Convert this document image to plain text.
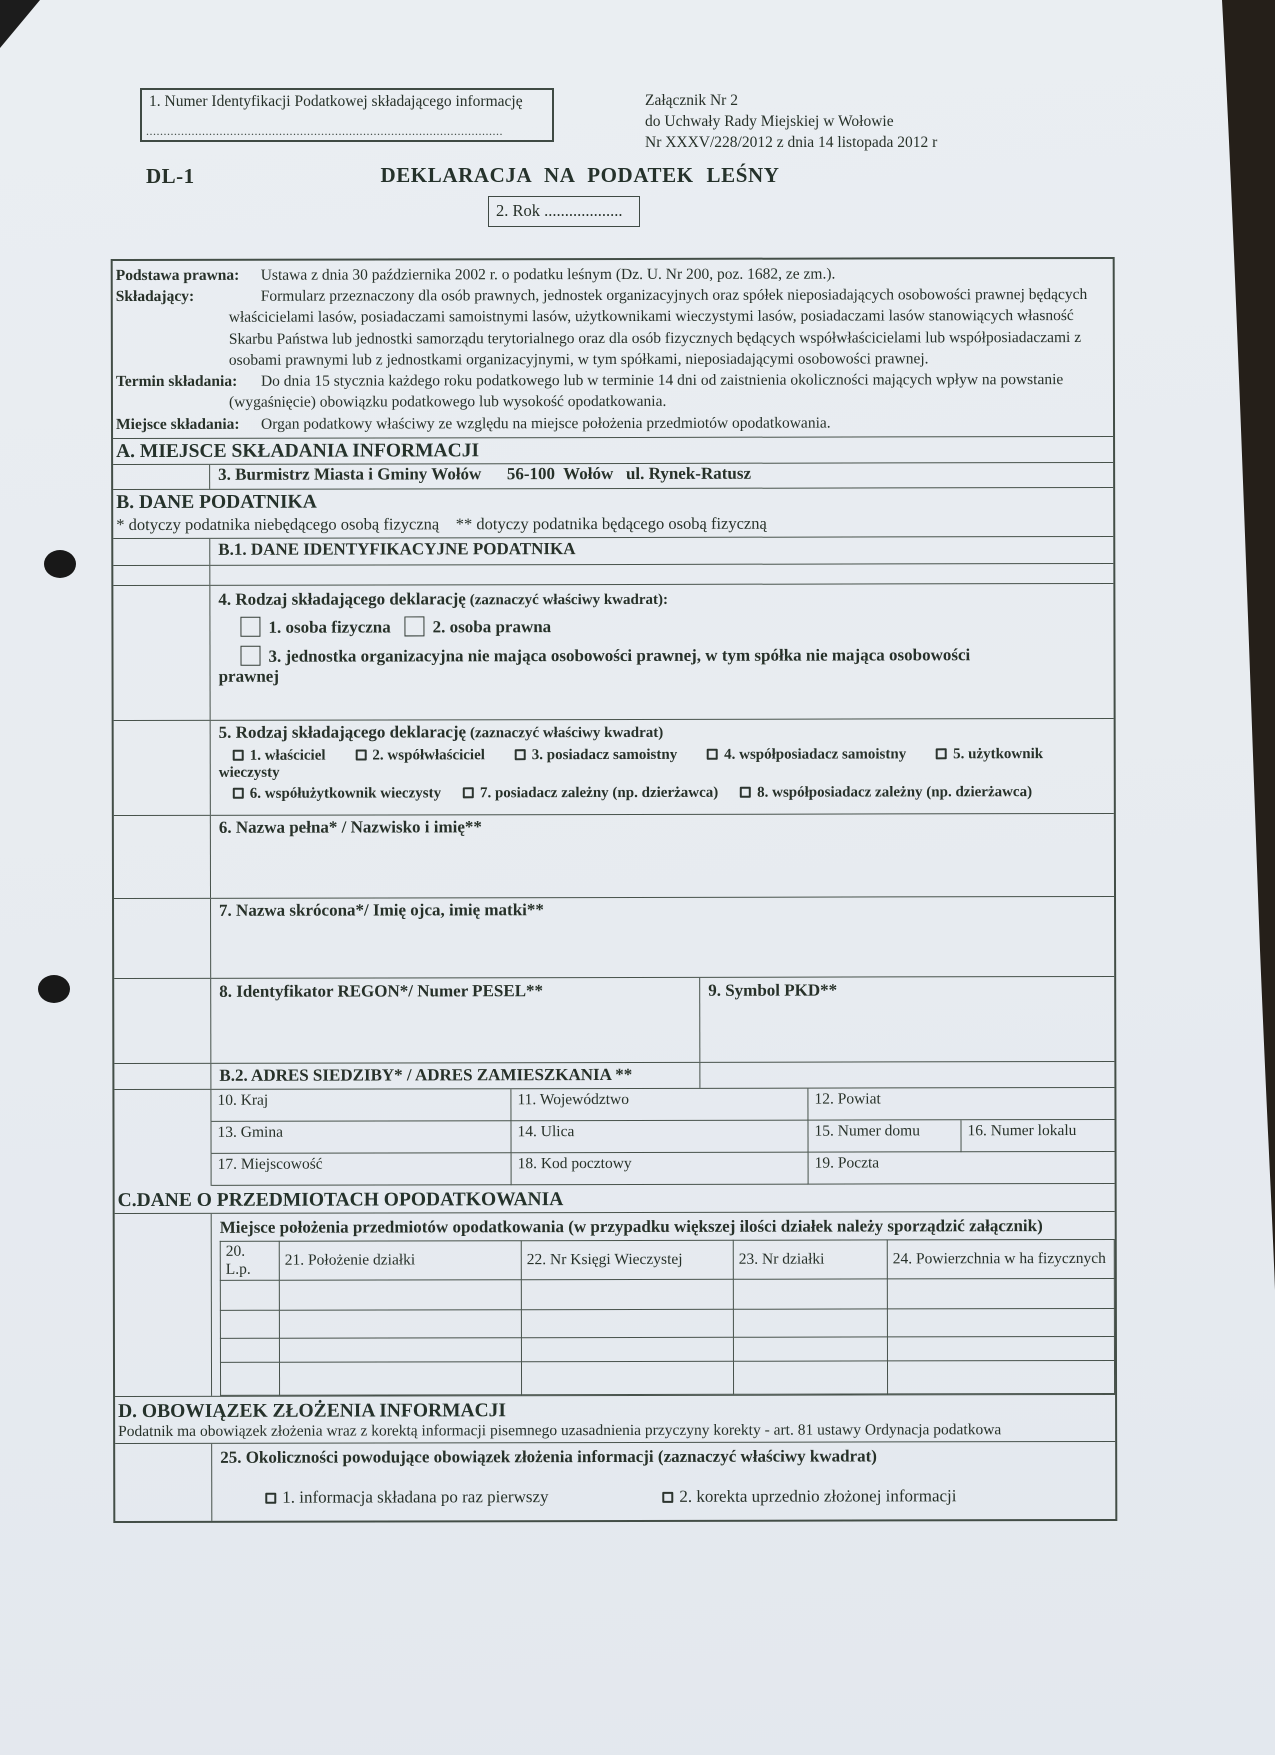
1. Numer Identyfikacji Podatkowej składającego informację
......................................................................................................
Załącznik Nr 2
do Uchwały Rady Miejskiej w Wołowie
Nr XXXV/228/2012 z dnia 14 listopada 2012 r
DL-1	DEKLARACJA NA PODATEK LEŚNY
2. Rok ...................

Podstawa prawna: Ustawa z dnia 30 października 2002 r. o podatku leśnym (Dz. U. Nr 200, poz. 1682, ze zm.).

Składający:	Formularz przeznaczony dla osób prawnych, jednostek organizacyjnych oraz spółek nieposiadających osobowości prawnej będących właścicielami lasów, posiadaczami samoistnymi lasów, użytkownikami wieczystymi lasów, posiadaczami lasów stanowiących własność Skarbu Państwa lub jednostki samorządu terytorialnego oraz dla osób fizycznych będących współwłaścicielami lub współposiadaczami z osobami prawnymi lub z jednostkami organizacyjnymi, w tym spółkami, nieposiadającymi osobowości prawnej.

Termin składania: Do dnia 15 stycznia każdego roku podatkowego lub w terminie 14 dni od zaistnienia okoliczności mających wpływ na powstanie (wygaśnięcie) obowiązku podatkowego lub wysokość opodatkowania.

Miejsce składania: Organ podatkowy właściwy ze względu na miejsce położenia przedmiotów opodatkowania.

A. MIEJSCE SKŁADANIA INFORMACJI
3. Burmistrz Miasta i Gminy Wołów      56-100  Wołów   ul. Rynek-Ratusz
B. DANE PODATNIKA
* dotyczy podatnika niebędącego osobą fizyczną    ** dotyczy podatnika będącego osobą fizyczną
B.1. DANE IDENTYFIKACYJNE PODATNIKA
4. Rodzaj składającego deklarację (zaznaczyć właściwy kwadrat):
1. osoba fizyczna 2. osoba prawna
3. jednostka organizacyjna nie mająca osobowości prawnej, w tym spółka nie mająca osobowości
prawnej
5. Rodzaj składającego deklarację (zaznaczyć właściwy kwadrat)
1. właściciel	2. współwłaściciel	3. posiadacz samoistny	4. współposiadacz samoistny	5. użytkownik
wieczysty
6. współużytkownik wieczysty	7. posiadacz zależny (np. dzierżawca)	8. współposiadacz zależny (np. dzierżawca)
6. Nazwa pełna* / Nazwisko i imię**
7. Nazwa skrócona*/ Imię ojca, imię matki**
8. Identyfikator REGON*/ Numer PESEL**	9. Symbol PKD**
B.2. ADRES SIEDZIBY* / ADRES ZAMIESZKANIA **
10. Kraj	11. Województwo	12. Powiat
13. Gmina	14. Ulica	15. Numer domu	16. Numer lokalu
17. Miejscowość	18. Kod pocztowy	19. Poczta
C.DANE O PRZEDMIOTACH OPODATKOWANIA
Miejsce położenia przedmiotów opodatkowania (w przypadku większej ilości działek należy sporządzić załącznik)
20. L.p.	21. Położenie działki	22. Nr Księgi Wieczystej	23. Nr działki	24. Powierzchnia w ha fizycznych

D. OBOWIĄZEK ZŁOŻENIA INFORMACJI
Podatnik ma obowiązek złożenia wraz z korektą informacji pisemnego uzasadnienia przyczyny korekty - art. 81 ustawy Ordynacja podatkowa
25. Okoliczności powodujące obowiązek złożenia informacji (zaznaczyć właściwy kwadrat)
1. informacja składana po raz pierwszy	2. korekta uprzednio złożonej informacji
